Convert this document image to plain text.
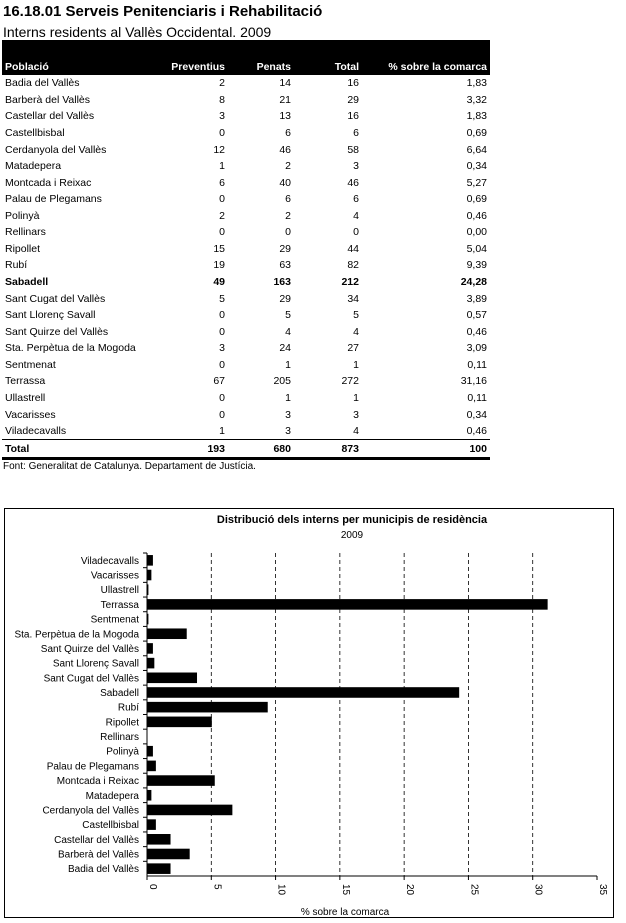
16.18.01 Serveis Penitenciaris i Rehabilitació
Interns residents al Vallès Occidental. 2009
Població	Preventius	Penats	Total	% sobre la comarca
Badia del Vallès	2	14	16	1,83
Barberà del Vallès	8	21	29	3,32
Castellar del Vallès	3	13	16	1,83
Castellbisbal	0	6	6	0,69
Cerdanyola del Vallès	12	46	58	6,64
Matadepera	1	2	3	0,34
Montcada i Reixac	6	40	46	5,27
Palau de Plegamans	0	6	6	0,69
Polinyà	2	2	4	0,46
Rellinars	0	0	0	0,00
Ripollet	15	29	44	5,04
Rubí	19	63	82	9,39
Sabadell	49	163	212	24,28
Sant Cugat del Vallès	5	29	34	3,89
Sant Llorenç Savall	0	5	5	0,57
Sant Quirze del Vallès	0	4	4	0,46
Sta. Perpètua de la Mogoda	3	24	27	3,09
Sentmenat	0	1	1	0,11
Terrassa	67	205	272	31,16
Ullastrell	0	1	1	0,11
Vacarisses	0	3	3	0,34
Viladecavalls	1	3	4	0,46
Total	193	680	873	100
Font: Generalitat de Catalunya. Departament de Justícia.
Distribució dels interns per municipis de residència
2009
0	5	10	15	20	25	30	35
Viladecavalls
Vacarisses
Ullastrell
Terrassa
Sentmenat
Sta. Perpètua de la Mogoda
Sant Quirze del Vallès
Sant Llorenç Savall
Sant Cugat del Vallès
Sabadell
Rubí
Ripollet
Rellinars
Polinyà
Palau de Plegamans
Montcada i Reixac
Matadepera
Cerdanyola del Vallès
Castellbisbal
Castellar del Vallès
Barberà del Vallès
Badia del Vallès
% sobre la comarca
